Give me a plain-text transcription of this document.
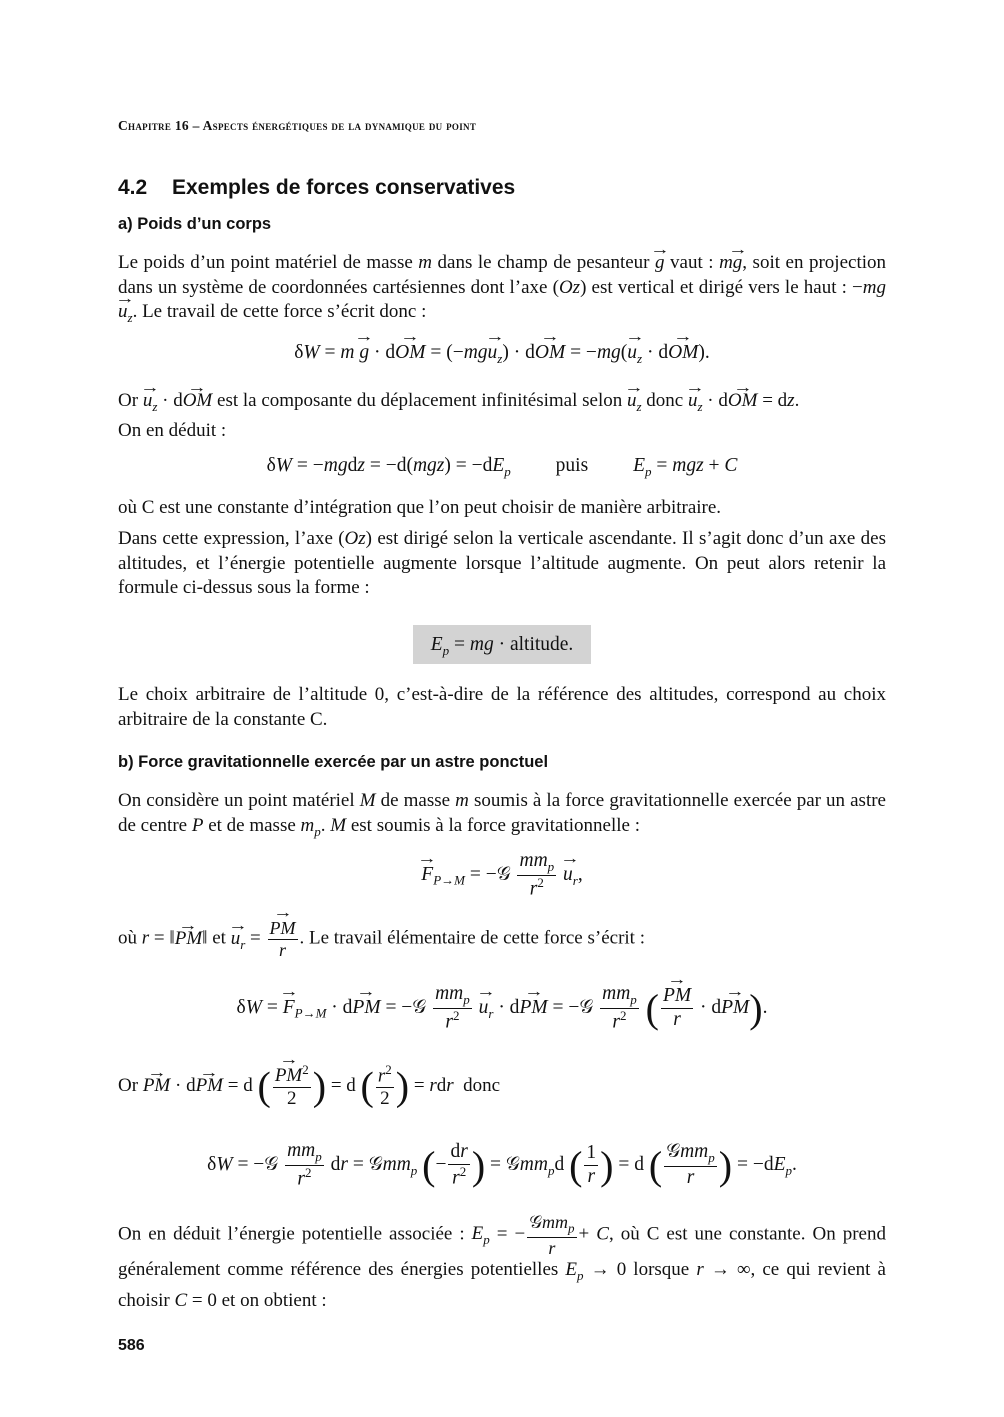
Chapitre 16 – Aspects énergétiques de la dynamique du point
4.2 Exemples de forces conservatives
a) Poids d’un corps
Le poids d’un point matériel de masse m dans le champ de pesanteur → g vaut : m→ g, soit en projection dans un système de coordonnées cartésiennes dont l’axe (Oz) est vertical et dirigé vers le haut : $-mg\to u_z$. Le travail de cette force s’écrit donc :
δW = m → g · d→ OM = $(-mg\to u_z) \cdot d\to$ OM = $-mg(\to u_z \cdot d\to OM)$.
$Or \to u_z \cdot d\to$ OM est la composante du déplacement infinitésimal selon → $u_z$ donc → $u_z \cdot d\to$ OM = dz.
On en déduit :
δW = −mgdz = $-d(mgz) = -dE_p$ puis $E_p$ = mgz + C
où C est une constante d’intégration que l’on peut choisir de manière arbitraire.
Dans cette expression, l’axe (Oz) est dirigé selon la verticale ascendante. Il s’agit donc d’un axe des altitudes, et l’énergie potentielle augmente lorsque l’altitude augmente. On peut alors retenir la formule ci-dessus sous la forme :
$E_p$ = mg · altitude.
Le choix arbitraire de l’altitude 0, c’est-à-dire de la référence des altitudes, correspond au choix arbitraire de la constante C.
b) Force gravitationnelle exercée par un astre ponctuel
On considère un point matériel M de masse m soumis à la force gravitationnelle exercée par un astre de centre P et de masse $m_p$. M est soumis à la force gravitationnelle :
→ $F_{P\to M}$ = −𝒢 $\frac{mm_p}{r^2}$
→ $u_r$,
où r = ‖→ PM‖ et → $u_r$ =
→ $\frac{PM}{r}$ . Le travail élémentaire de cette force s’écrit :
δW = → $F_{P\to M} \cdot d\to$ PM = −𝒢 $\frac{mm_p}{r^2}$
→ $u_r \cdot d\to$ PM = −𝒢 $\frac{mm_p}{r^2}$ (
→ $\frac{PM}{r} \cdot d\to PM$).
Or → PM · d→ PM = d (
→ $\frac{PM^2}{2}$ ) = d ( $\frac{r^2}{2}$ ) = rdr donc
δW = −𝒢 $\frac{mm_p}{r^2}$ dr = 𝒢mm$_p$ (− $\frac{dr}{r^2}$ ) = 𝒢mm$_p$d ( $\frac{1}{r}$ ) = d ( $\frac{𝒢mm_p}{r}$ ) = $-dE_p$.
On en déduit l’énergie potentielle associée : $E_p$ = − $\frac{𝒢mm_p}{r} + C$, où C est une constante. On prend généralement comme référence des énergies potentielles $E_p \to 0$ lorsque r → ∞, ce qui revient à choisir C = 0 et on obtient :
586
